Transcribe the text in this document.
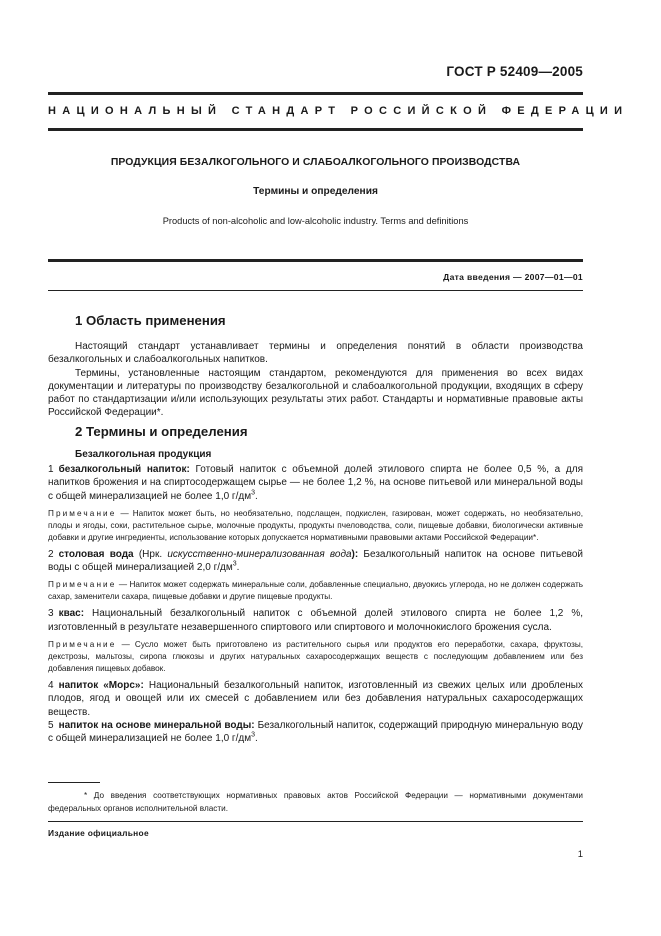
ГОСТ Р 52409—2005
НАЦИОНАЛЬНЫЙ СТАНДАРТ РОССИЙСКОЙ ФЕДЕРАЦИИ
ПРОДУКЦИЯ БЕЗАЛКОГОЛЬНОГО И СЛАБОАЛКОГОЛЬНОГО ПРОИЗВОДСТВА
Термины и определения
Products of non-alcoholic and low-alcoholic industry. Terms and definitions
Дата введения — 2007—01—01
1 Область применения

Настоящий стандарт устанавливает термины и определения понятий в области производства безалкогольных и слабоалкогольных напитков.

Термины, установленные настоящим стандартом, рекомендуются для применения во всех видах документации и литературы по производству безалкогольной и слабоалкогольной продукции, входящих в сферу работ по стандартизации и/или использующих результаты этих работ. Стандарты и нормативные правовые акты Российской Федерации*.

2 Термины и определения
Безалкогольная продукция

1 безалкогольный напиток: Готовый напиток с объемной долей этилового спирта не более 0,5 %, а для напитков брожения и на спиртосодержащем сырье — не более 1,2 %, на основе питьевой или минеральной воды с общей минерализацией не более 1,0 $г/дм^3$.

Примечание — Напиток может быть, но необязательно, подслащен, подкислен, газирован, может содержать, но необязательно, плоды и ягоды, соки, растительное сырье, молочные продукты, продукты пчеловодства, соли, пищевые добавки, биологически активные добавки и другие ингредиенты, использование которых допускается нормативными правовыми актами Российской Федерации*.

2 столовая вода (Нрк. искусственно-минерализованная вода): Безалкогольный напиток на основе питьевой воды с общей минерализацией 2,0 $г/дм^3$.

Примечание — Напиток может содержать минеральные соли, добавленные специально, двуокись углерода, но не должен содержать сахар, заменители сахара, пищевые добавки и другие пищевые продукты.

3 квас: Национальный безалкогольный напиток с объемной долей этилового спирта не более 1,2 %, изготовленный в результате незавершенного спиртового или спиртового и молочнокислого брожения сусла.

Примечание — Сусло может быть приготовлено из растительного сырья или продуктов его переработки, сахара, фруктозы, декстрозы, мальтозы, сиропа глюкозы и других натуральных сахаросодержащих веществ с последующим добавлением или без добавления пищевых добавок.

4 напиток «Морс»: Национальный безалкогольный напиток, изготовленный из свежих целых или дробленых плодов, ягод и овощей или их смесей с добавлением или без добавления натуральных сахаросодержащих веществ.

5 напиток на основе минеральной воды: Безалкогольный напиток, содержащий природную минеральную воду с общей минерализацией не более 1,0 $г/дм^3$.

* До введения соответствующих нормативных правовых актов Российской Федерации — нормативными документами федеральных органов исполнительной власти.
Издание официальное
1
